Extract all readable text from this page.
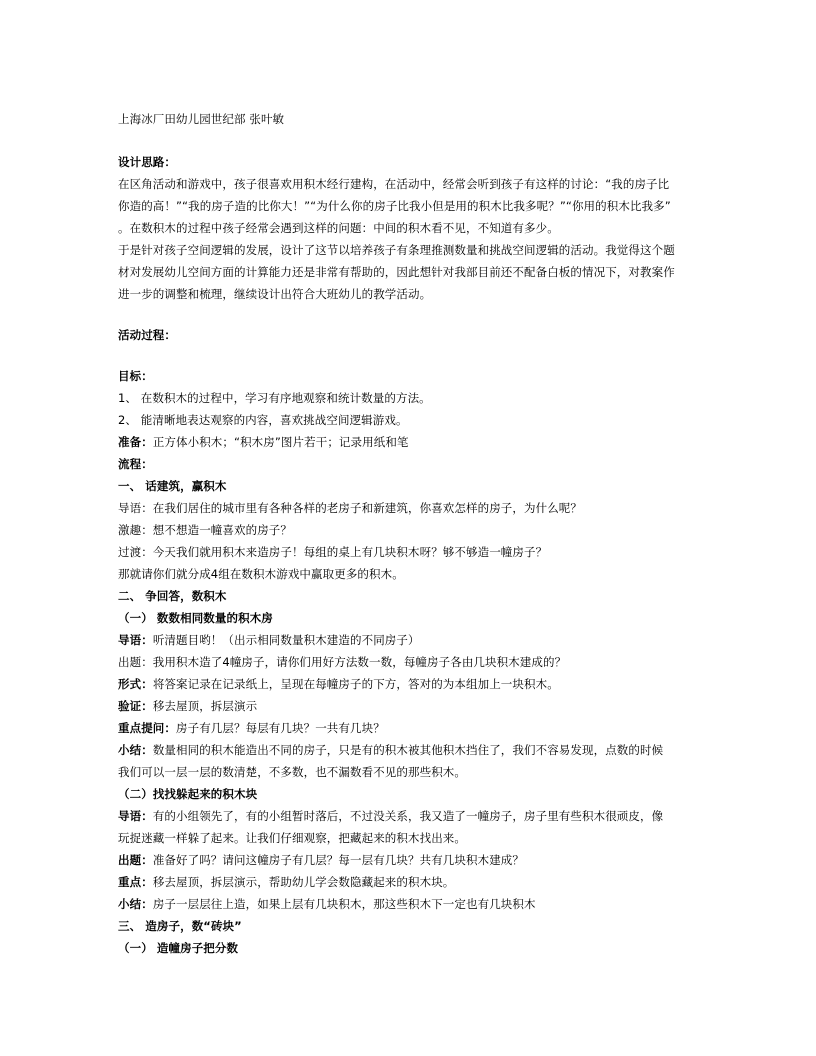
上海冰厂田幼儿园世纪部 张叶敏
设计思路：
在区角活动和游戏中，孩子很喜欢用积木经行建构，在活动中，经常会听到孩子有这样的讨论：“我的房子比
你造的高！”“我的房子造的比你大！”“为什么你的房子比我小但是用的积木比我多呢？”“你用的积木比我多”
。在数积木的过程中孩子经常会遇到这样的问题：中间的积木看不见，不知道有多少。
于是针对孩子空间逻辑的发展，设计了这节以培养孩子有条理推测数量和挑战空间逻辑的活动。我觉得这个题
材对发展幼儿空间方面的计算能力还是非常有帮助的，因此想针对我部目前还不配备白板的情况下，对教案作
进一步的调整和梳理，继续设计出符合大班幼儿的教学活动。
活动过程：
目标：
1、 在数积木的过程中，学习有序地观察和统计数量的方法。
2、 能清晰地表达观察的内容，喜欢挑战空间逻辑游戏。
准备：正方体小积木；“积木房”图片若干；记录用纸和笔
流程：
一、 话建筑，赢积木
导语：在我们居住的城市里有各种各样的老房子和新建筑，你喜欢怎样的房子，为什么呢？
激趣：想不想造一幢喜欢的房子？
过渡：今天我们就用积木来造房子！每组的桌上有几块积木呀？够不够造一幢房子？
那就请你们就分成4组在数积木游戏中赢取更多的积木。
二、 争回答，数积木
（一） 数数相同数量的积木房
导语：听清题目哟！（出示相同数量积木建造的不同房子）
出题：我用积木造了4幢房子，请你们用好方法数一数，每幢房子各由几块积木建成的？
形式：将答案记录在记录纸上，呈现在每幢房子的下方，答对的为本组加上一块积木。
验证：移去屋顶，拆层演示
重点提问：房子有几层？每层有几块？一共有几块？
小结：数量相同的积木能造出不同的房子，只是有的积木被其他积木挡住了，我们不容易发现，点数的时候
我们可以一层一层的数清楚，不多数，也不漏数看不见的那些积木。
（二）找找躲起来的积木块
导语：有的小组领先了，有的小组暂时落后，不过没关系，我又造了一幢房子，房子里有些积木很顽皮，像
玩捉迷藏一样躲了起来。让我们仔细观察，把藏起来的积木找出来。
出题：准备好了吗？请问这幢房子有几层？每一层有几块？共有几块积木建成？
重点：移去屋顶，拆层演示，帮助幼儿学会数隐藏起来的积木块。
小结：房子一层层往上造，如果上层有几块积木，那这些积木下一定也有几块积木
三、 造房子，数“砖块”
（一） 造幢房子把分数
